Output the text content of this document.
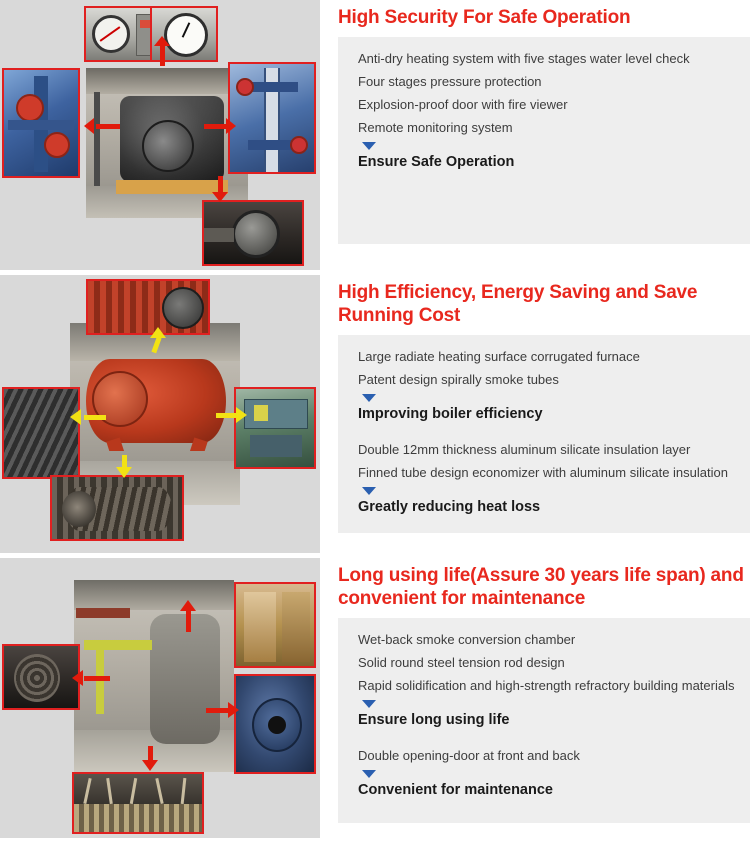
High Security For Safe Operation
Anti-dry heating system with five stages water level check
Four stages pressure protection
Explosion-proof door with fire viewer
Remote monitoring system
Ensure Safe Operation
High Efficiency, Energy Saving and Save Running Cost
Large radiate heating surface corrugated furnace
Patent design spirally smoke tubes
Improving boiler efficiency
Double 12mm thickness aluminum silicate insulation layer
Finned tube design economizer with aluminum silicate insulation
Greatly reducing heat loss
Long using life(Assure 30 years life span) and convenient for maintenance
Wet-back smoke conversion chamber
Solid round steel tension rod design
Rapid solidification and high-strength refractory building materials
Ensure long using life
Double opening-door at front and back
Convenient for maintenance
